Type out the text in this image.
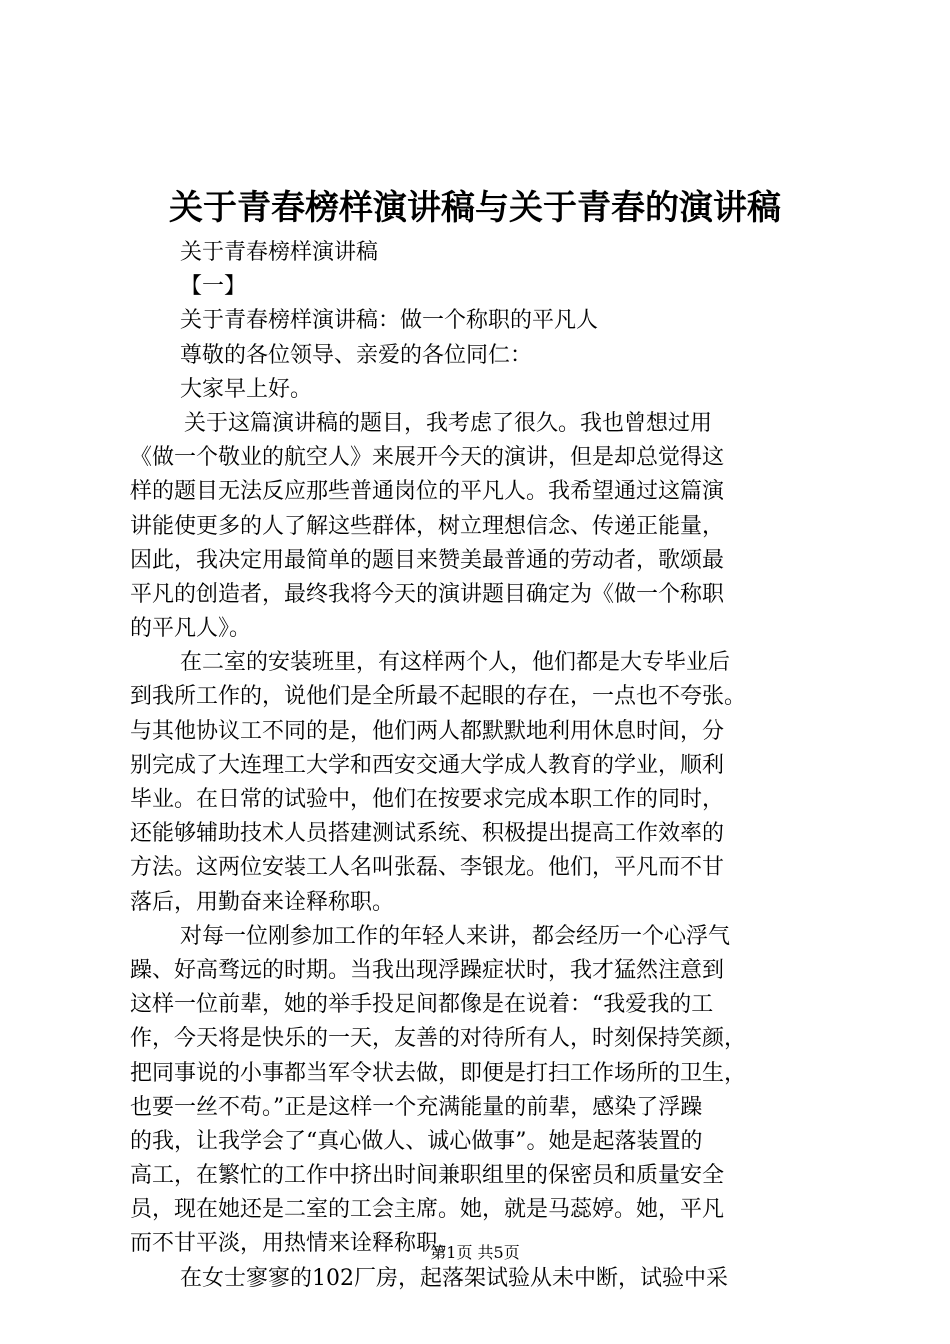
关于青春榜样演讲稿与关于青春的演讲稿
关于青春榜样演讲稿
【一】
关于青春榜样演讲稿：做一个称职的平凡人
尊敬的各位领导、亲爱的各位同仁：
大家早上好。
关于这篇演讲稿的题目，我考虑了很久。我也曾想过用
《做一个敬业的航空人》来展开今天的演讲，但是却总觉得这
样的题目无法反应那些普通岗位的平凡人。我希望通过这篇演
讲能使更多的人了解这些群体，树立理想信念、传递正能量，
因此，我决定用最简单的题目来赞美最普通的劳动者，歌颂最
平凡的创造者，最终我将今天的演讲题目确定为《做一个称职
的平凡人》。
在二室的安装班里，有这样两个人，他们都是大专毕业后
到我所工作的，说他们是全所最不起眼的存在，一点也不夸张。
与其他协议工不同的是，他们两人都默默地利用休息时间，分
别完成了大连理工大学和西安交通大学成人教育的学业，顺利
毕业。在日常的试验中，他们在按要求完成本职工作的同时，
还能够辅助技术人员搭建测试系统、积极提出提高工作效率的
方法。这两位安装工人名叫张磊、李银龙。他们，平凡而不甘
落后，用勤奋来诠释称职。
对每一位刚参加工作的年轻人来讲，都会经历一个心浮气
躁、好高骛远的时期。当我出现浮躁症状时，我才猛然注意到
这样一位前辈，她的举手投足间都像是在说着：“我爱我的工
作，今天将是快乐的一天，友善的对待所有人，时刻保持笑颜，
把同事说的小事都当军令状去做，即便是打扫工作场所的卫生，
也要一丝不苟。”正是这样一个充满能量的前辈，感染了浮躁
的我，让我学会了“真心做人、诚心做事”。她是起落装置的
高工，在繁忙的工作中挤出时间兼职组里的保密员和质量安全
员，现在她还是二室的工会主席。她，就是马蕊婷。她，平凡
而不甘平淡，用热情来诠释称职。
在女士寥寥的102厂房，起落架试验从未中断，试验中采
第1页 共5页
